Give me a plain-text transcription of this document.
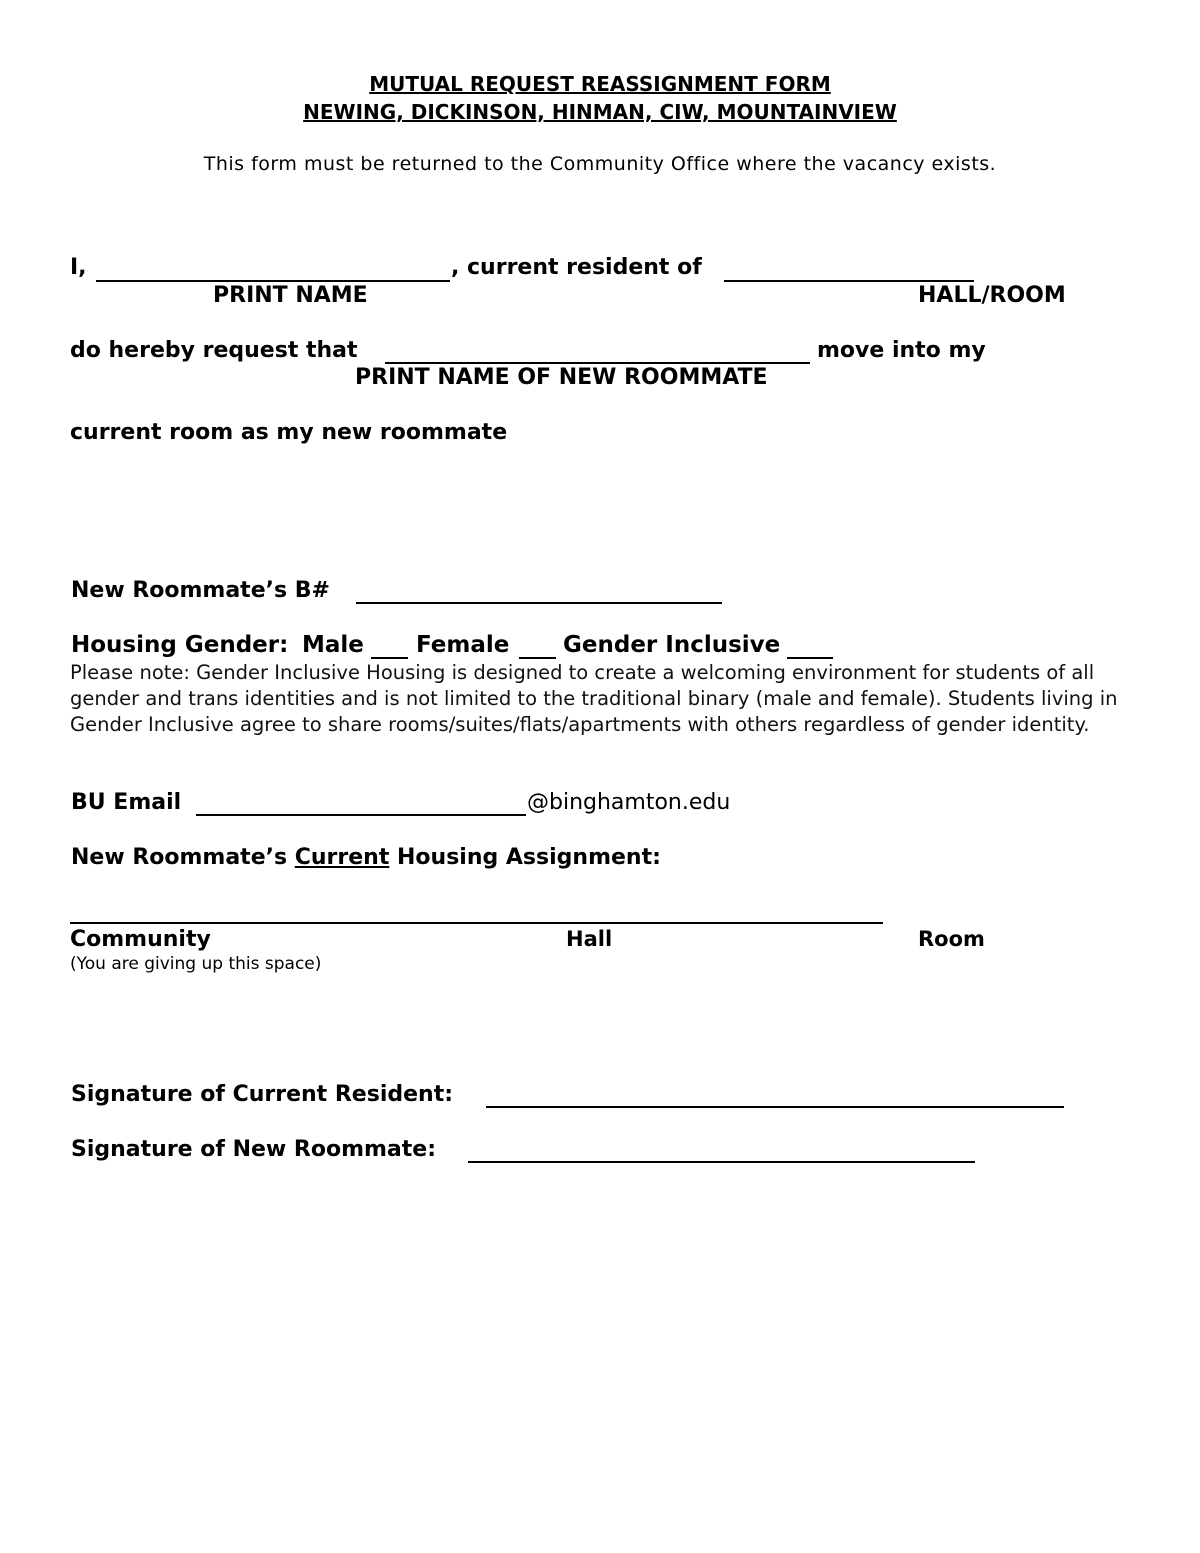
MUTUAL REQUEST REASSIGNMENT FORM
NEWING, DICKINSON, HINMAN, CIW, MOUNTAINVIEW
This form must be returned to the Community Office where the vacancy exists.
I,	, current resident of
PRINT NAME	HALL/ROOM
do hereby request that	move into my
PRINT NAME OF NEW ROOMMATE
current room as my new roommate
New Roommate’s B#
Housing Gender: Male Female Gender Inclusive
Please note: Gender Inclusive Housing is designed to create a welcoming environment for students of all gender and trans identities and is not limited to the traditional binary (male and female). Students living in Gender Inclusive agree to share rooms/suites/flats/apartments with others regardless of gender identity.
BU Email	@binghamton.edu
New Roommate’s Current Housing Assignment:
Community	Hall	Room
(You are giving up this space)
Signature of Current Resident:
Signature of New Roommate:
